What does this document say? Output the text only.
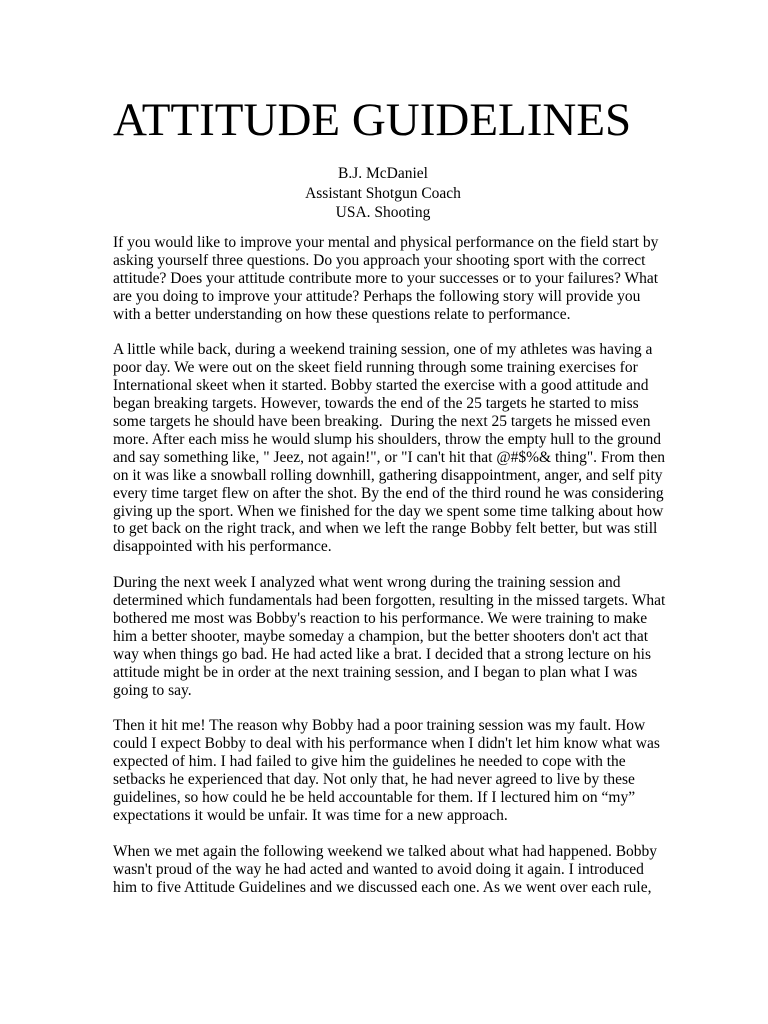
ATTITUDE GUIDELINES
B.J. McDaniel
Assistant Shotgun Coach
USA. Shooting

If you would like to improve your mental and physical performance on the field start by
asking yourself three questions. Do you approach your shooting sport with the correct
attitude? Does your attitude contribute more to your successes or to your failures? What
are you doing to improve your attitude? Perhaps the following story will provide you
with a better understanding on how these questions relate to performance.

A little while back, during a weekend training session, one of my athletes was having a
poor day. We were out on the skeet field running through some training exercises for
International skeet when it started. Bobby started the exercise with a good attitude and
began breaking targets. However, towards the end of the 25 targets he started to miss
some targets he should have been breaking.  During the next 25 targets he missed even
more. After each miss he would slump his shoulders, throw the empty hull to the ground
and say something like, " Jeez, not again!", or "I can't hit that @#$%& thing". From then
on it was like a snowball rolling downhill, gathering disappointment, anger, and self pity
every time target flew on after the shot. By the end of the third round he was considering
giving up the sport. When we finished for the day we spent some time talking about how
to get back on the right track, and when we left the range Bobby felt better, but was still
disappointed with his performance.

During the next week I analyzed what went wrong during the training session and
determined which fundamentals had been forgotten, resulting in the missed targets. What
bothered me most was Bobby's reaction to his performance. We were training to make
him a better shooter, maybe someday a champion, but the better shooters don't act that
way when things go bad. He had acted like a brat. I decided that a strong lecture on his
attitude might be in order at the next training session, and I began to plan what I was
going to say.

Then it hit me! The reason why Bobby had a poor training session was my fault. How
could I expect Bobby to deal with his performance when I didn't let him know what was
expected of him. I had failed to give him the guidelines he needed to cope with the
setbacks he experienced that day. Not only that, he had never agreed to live by these
guidelines, so how could he be held accountable for them. If I lectured him on “my”
expectations it would be unfair. It was time for a new approach.

When we met again the following weekend we talked about what had happened. Bobby
wasn't proud of the way he had acted and wanted to avoid doing it again. I introduced
him to five Attitude Guidelines and we discussed each one. As we went over each rule,
